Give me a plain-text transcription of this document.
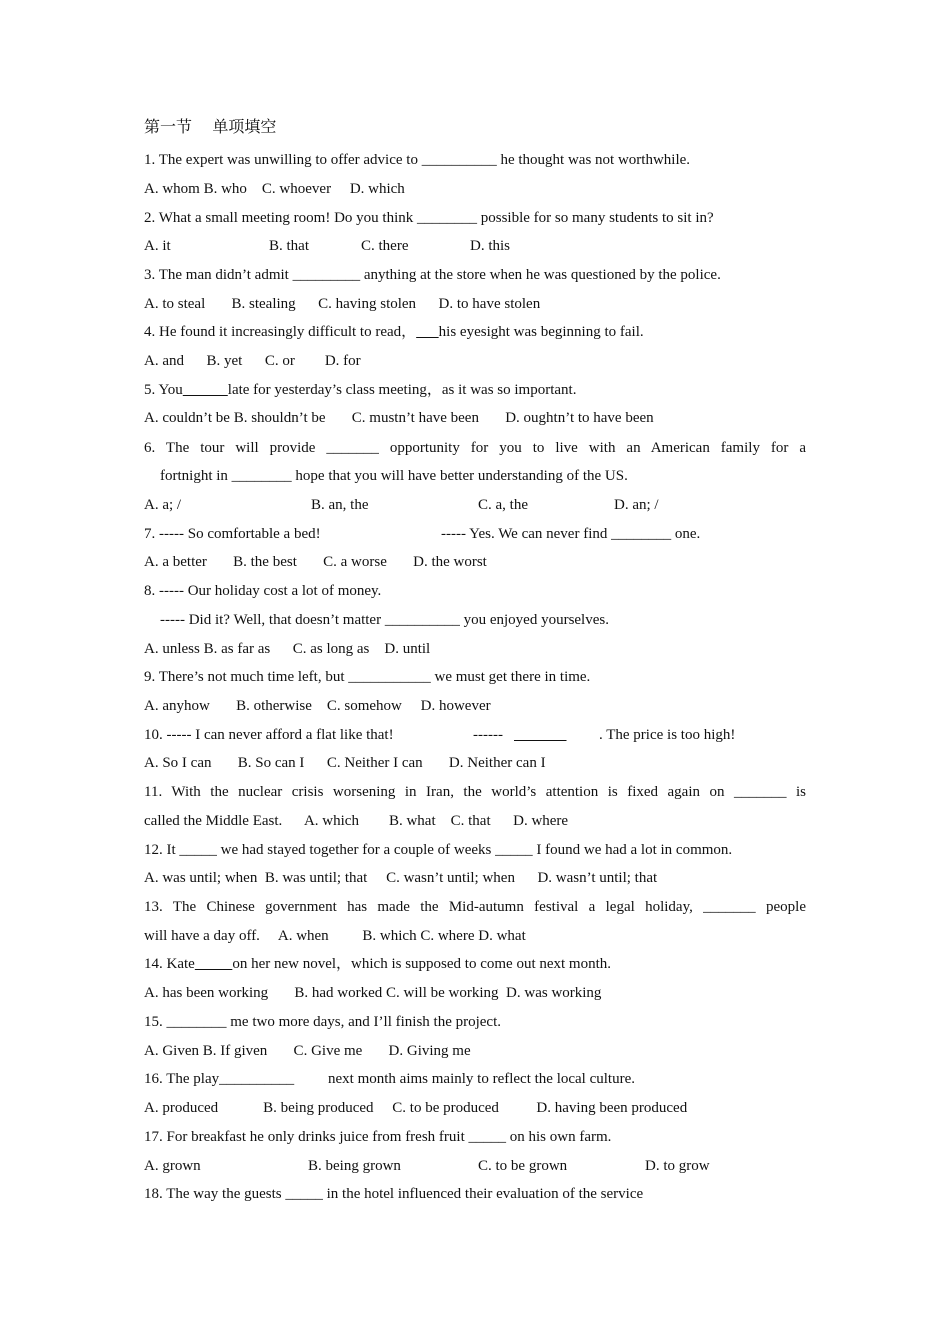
第一节    单项填空
1. The expert was unwilling to offer advice to __________ he thought was not worthwhile.
A. whom B. who    C. whoever     D. which
2. What a small meeting room! Do you think ________ possible for so many students to sit in?
A. it	B. that	C. there	D. this
3. The man didn’t admit _________ anything at the store when he was questioned by the police.
A. to steal       B. stealing      C. having stolen      D. to have stolen
4. He found it increasingly difficult to read， his eyesight was beginning to fail.
A. and      B. yet      C. or        D. for
5. You	late for yesterday’s class meeting，as it was so important.
A. couldn’t be B. shouldn’t be       C. mustn’t have been       D. oughtn’t to have been
6. The tour will provide _______ opportunity for you to live with an American family for a
fortnight in ________ hope that you will have better understanding of the US.
A. a; /	B. an, the	C. a, the	D. an; /
7. ----- So comfortable a bed!	----- Yes. We can never find ________ one.
A. a better       B. the best       C. a worse       D. the worst
8. ----- Our holiday cost a lot of money.
----- Did it? Well, that doesn’t matter __________ you enjoyed yourselves.
A. unless B. as far as      C. as long as    D. until
9. There’s not much time left, but ___________ we must get there in time.
A. anyhow       B. otherwise    C. somehow     D. however
10. ----- I can never afford a flat like that!	------
	. The price is too high!
A. So I can       B. So can I      C. Neither I can       D. Neither can I
11. With the nuclear crisis worsening in Iran, the world’s attention is fixed again on _______ is
called the Middle East.      A. which        B. what    C. that      D. where
12. It _____ we had stayed together for a couple of weeks _____ I found we had a lot in common.
A. was until; when  B. was until; that     C. wasn’t until; when      D. wasn’t until; that
13. The Chinese government has made the Mid-autumn festival a legal holiday, _______ people
will have a day off.     A. when         B. which C. where D. what
14. Kate	on her new novel，which is supposed to come out next month.
A. has been working       B. had worked C. will be working  D. was working
15. ________ me two more days, and I’ll finish the project.
A. Given B. If given       C. Give me       D. Giving me
16. The play__________ next month aims mainly to reflect the local culture.
A. produced            B. being produced     C. to be produced          D. having been produced
17. For breakfast he only drinks juice from fresh fruit _____ on his own farm.
A. grown	B. being grown	C. to be grown	D. to grow
18. The way the guests _____ in the hotel influenced their evaluation of the service
